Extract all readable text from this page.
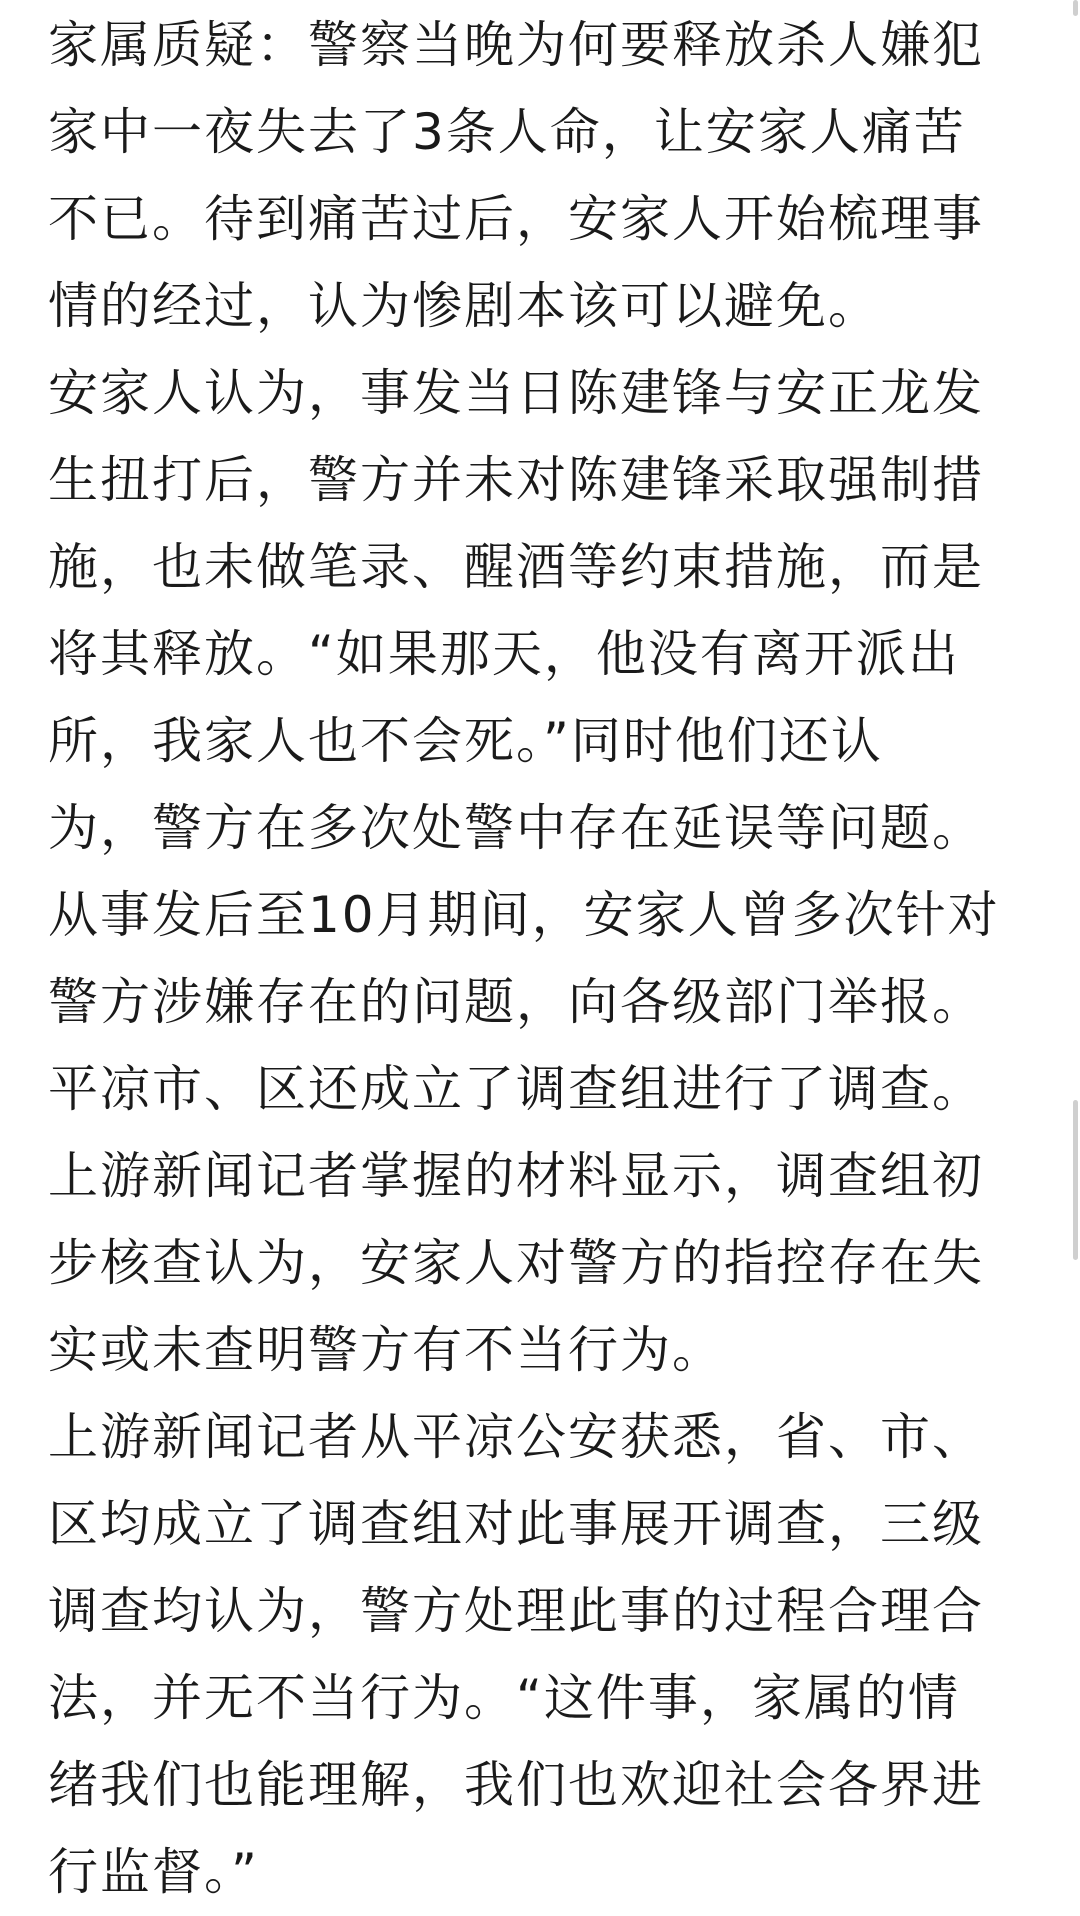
家属质疑：警察当晚为何要释放杀人嫌犯
家中一夜失去了3条人命，让安家人痛苦
不已。待到痛苦过后，安家人开始梳理事
情的经过，认为惨剧本该可以避免。
安家人认为，事发当日陈建锋与安正龙发
生扭打后，警方并未对陈建锋采取强制措
施，也未做笔录、醒酒等约束措施，而是
将其释放。“如果那天，他没有离开派出
所，我家人也不会死。”同时他们还认
为，警方在多次处警中存在延误等问题。
从事发后至10月期间，安家人曾多次针对
警方涉嫌存在的问题，向各级部门举报。
平凉市、区还成立了调查组进行了调查。
上游新闻记者掌握的材料显示，调查组初
步核查认为，安家人对警方的指控存在失
实或未查明警方有不当行为。
上游新闻记者从平凉公安获悉，省、市、
区均成立了调查组对此事展开调查，三级
调查均认为，警方处理此事的过程合理合
法，并无不当行为。“这件事，家属的情
绪我们也能理解，我们也欢迎社会各界进
行监督。”
